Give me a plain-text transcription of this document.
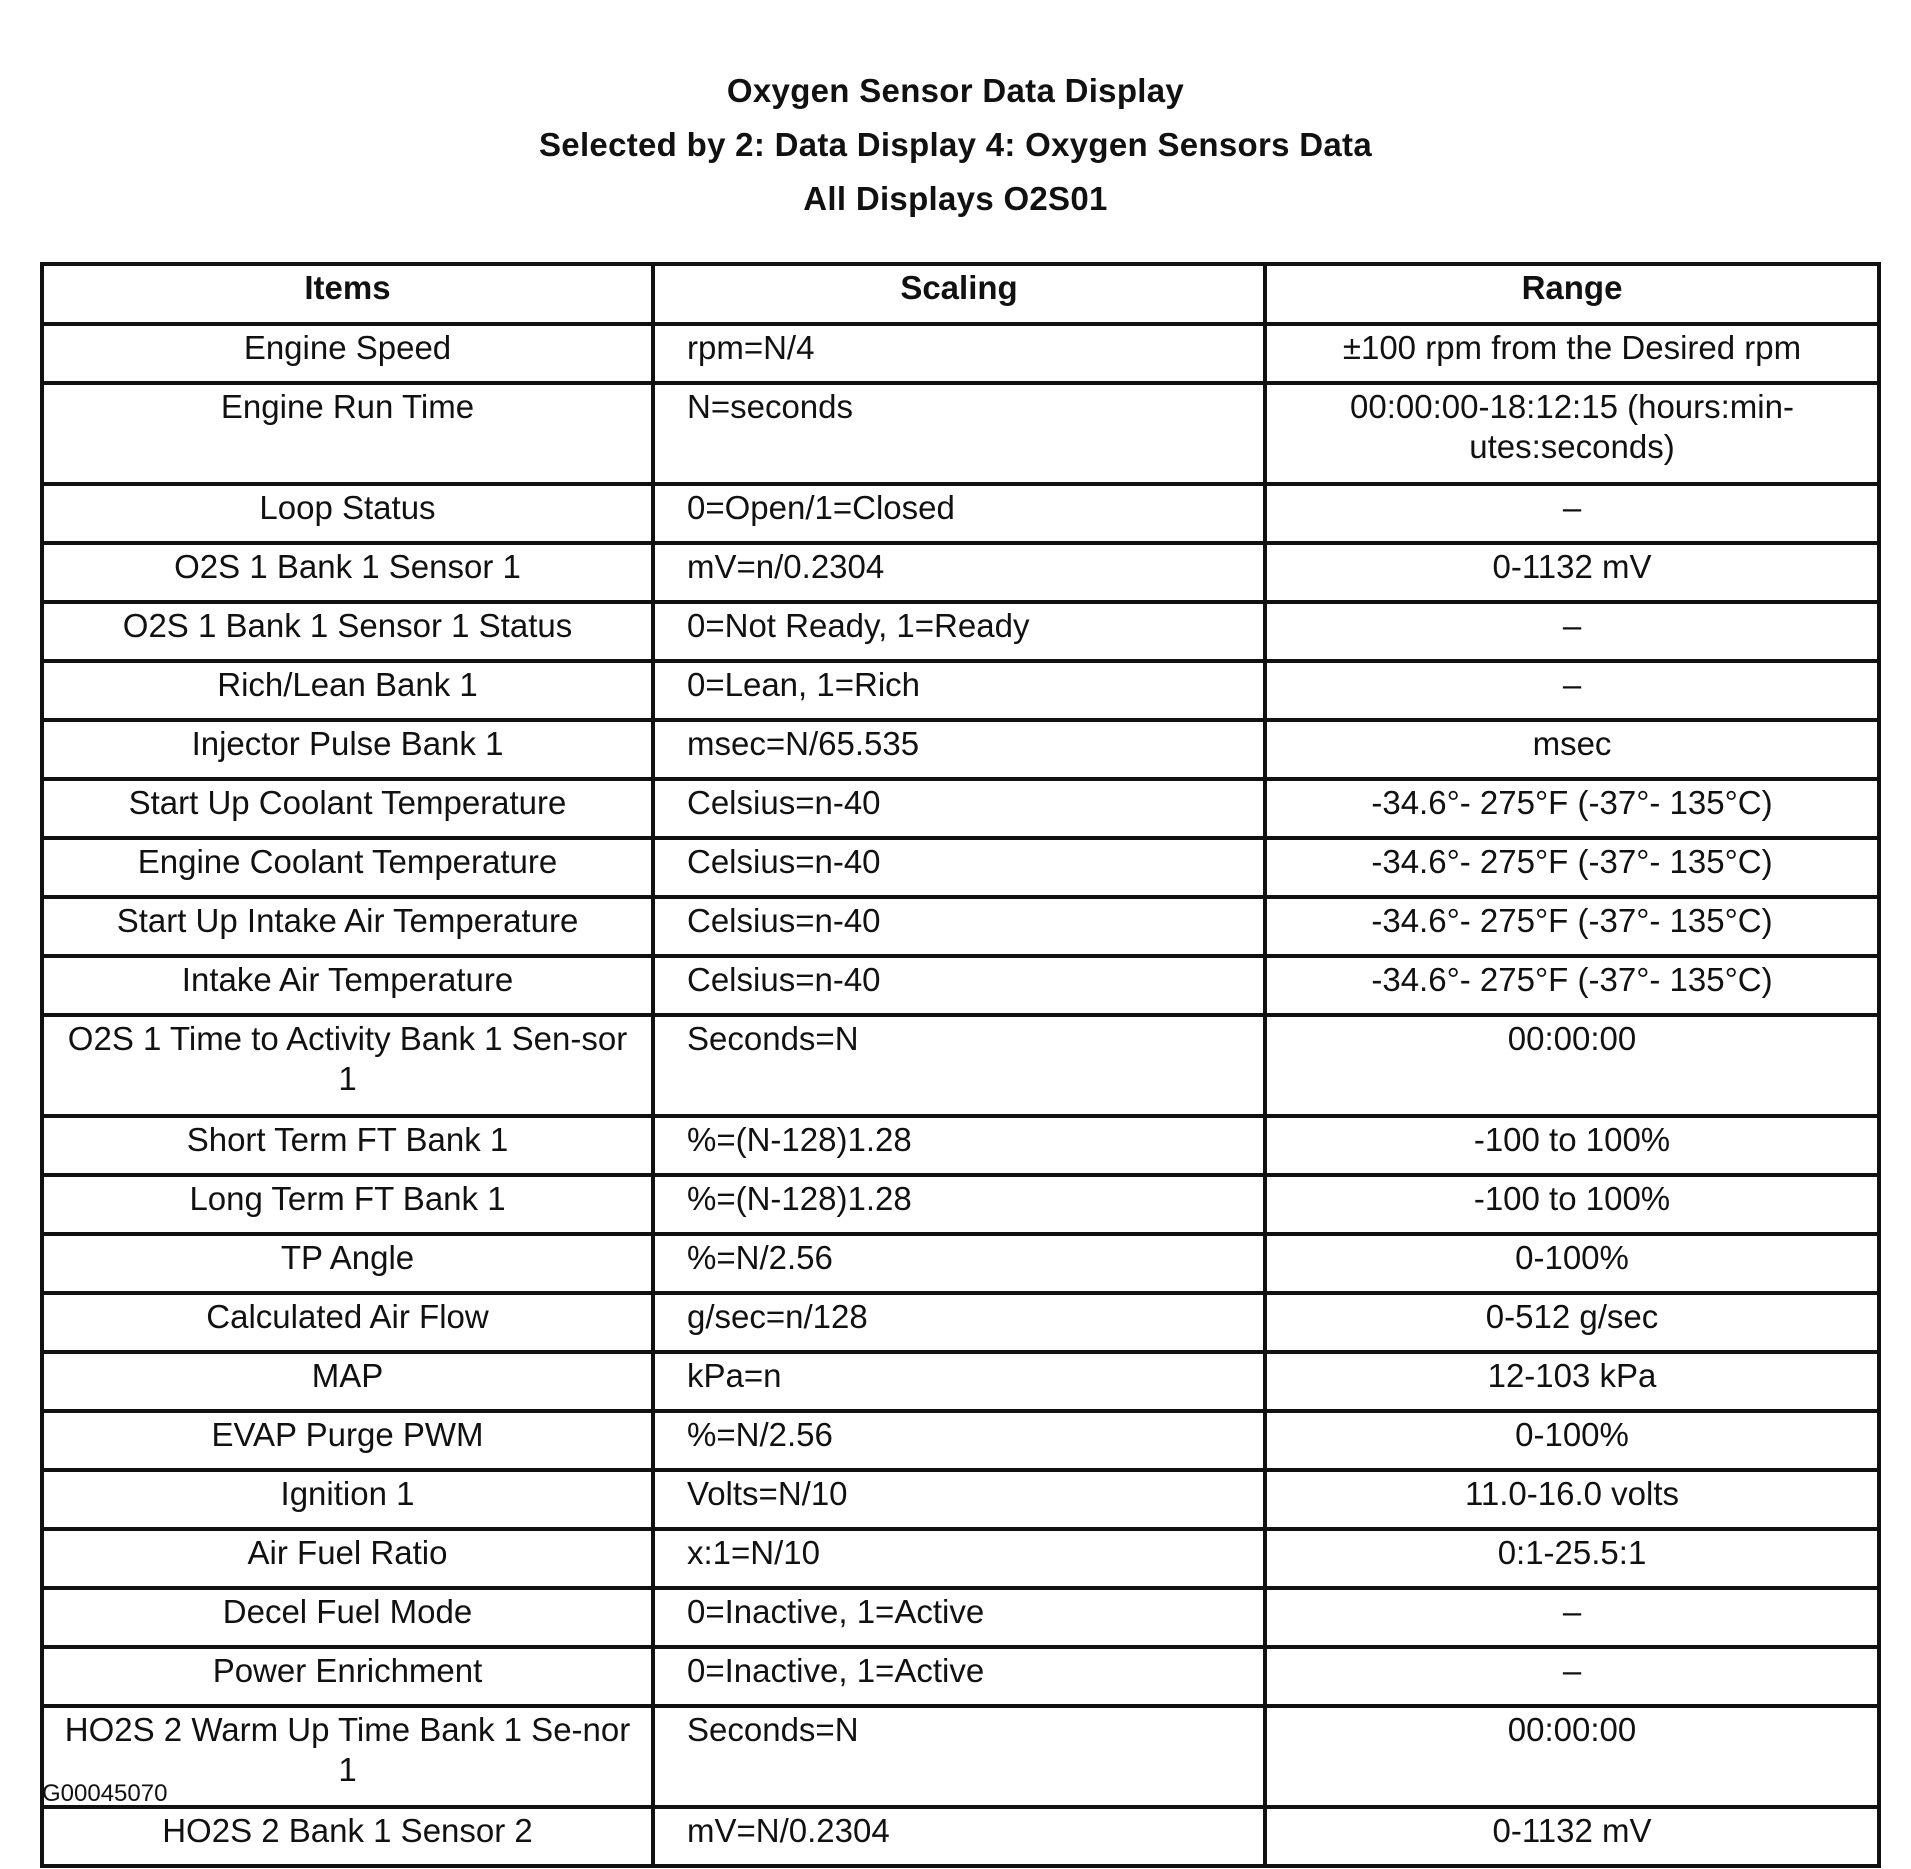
Oxygen Sensor Data Display
Selected by 2: Data Display 4: Oxygen Sensors Data
All Displays O2S01
Items	Scaling	Range
Engine Speed	rpm=N/4	±100 rpm from the Desired rpm
Engine Run Time	N=seconds	00:00:00-18:12:15 (hours:min-utes:seconds)
Loop Status	0=Open/1=Closed	–
O2S 1 Bank 1 Sensor 1	mV=n/0.2304	0-1132 mV
O2S 1 Bank 1 Sensor 1 Status	0=Not Ready, 1=Ready	–
Rich/Lean Bank 1	0=Lean, 1=Rich	–
Injector Pulse Bank 1	msec=N/65.535	msec
Start Up Coolant Temperature	Celsius=n-40	-34.6°- 275°F (-37°- 135°C)
Engine Coolant Temperature	Celsius=n-40	-34.6°- 275°F (-37°- 135°C)
Start Up Intake Air Temperature	Celsius=n-40	-34.6°- 275°F (-37°- 135°C)
Intake Air Temperature	Celsius=n-40	-34.6°- 275°F (-37°- 135°C)
O2S 1 Time to Activity Bank 1 Sen-sor 1	Seconds=N	00:00:00
Short Term FT Bank 1	%=(N-128)1.28	-100 to 100%
Long Term FT Bank 1	%=(N-128)1.28	-100 to 100%
TP Angle	%=N/2.56	0-100%
Calculated Air Flow	g/sec=n/128	0-512 g/sec
MAP	kPa=n	12-103 kPa
EVAP Purge PWM	%=N/2.56	0-100%
Ignition 1	Volts=N/10	11.0-16.0 volts
Air Fuel Ratio	x:1=N/10	0:1-25.5:1
Decel Fuel Mode	0=Inactive, 1=Active	–
Power Enrichment	0=Inactive, 1=Active	–
HO2S 2 Warm Up Time Bank 1 Se-nor 1	Seconds=N	00:00:00
HO2S 2 Bank 1 Sensor 2	mV=N/0.2304	0-1132 mV
G00045070
